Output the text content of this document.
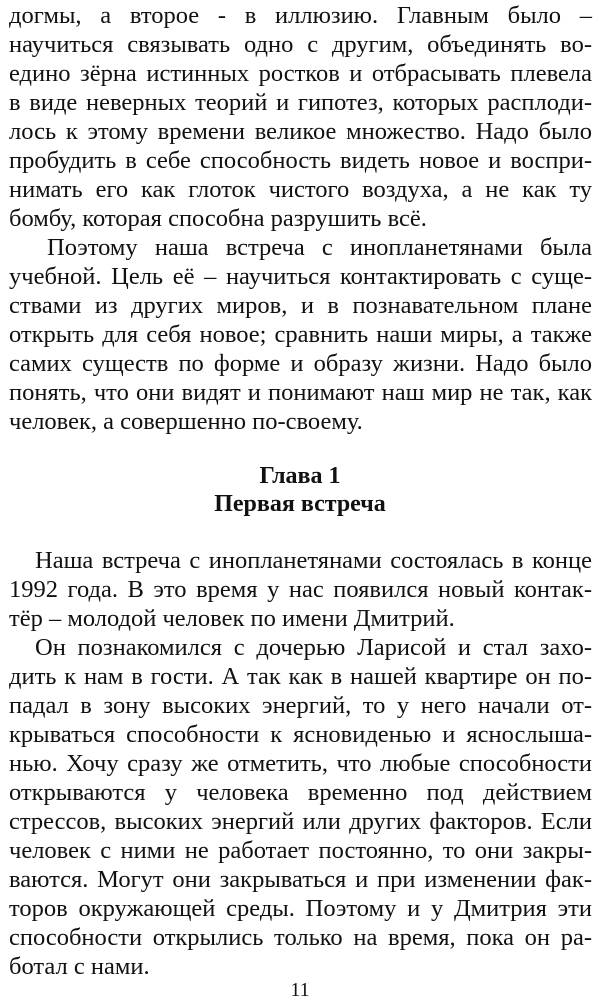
догмы, а второе - в иллюзию. Главным было –
научиться связывать одно с другим, объединять во-
едино зёрна истинных ростков и отбрасывать плевела
в виде неверных теорий и гипотез, которых расплоди-
лось к этому времени великое множество. Надо было
пробудить в себе способность видеть новое и воспри-
нимать его как глоток чистого воздуха, а не как ту
бомбу, которая способна разрушить всё.
Поэтому наша встреча с инопланетянами была
учебной. Цель её – научиться контактировать с суще-
ствами из других миров, и в познавательном плане
открыть для себя новое; сравнить наши миры, а также
самих существ по форме и образу жизни. Надо было
понять, что они видят и понимают наш мир не так, как
человек, а совершенно по-своему.
Глава 1
Первая встреча
Наша встреча с инопланетянами состоялась в конце
1992 года. В это время у нас появился новый контак-
тёр – молодой человек по имени Дмитрий.
Он познакомился с дочерью Ларисой и стал захо-
дить к нам в гости. А так как в нашей квартире он по-
падал в зону высоких энергий, то у него начали от-
крываться способности к ясновиденью и яснослыша-
нью. Хочу сразу же отметить, что любые способности
открываются у человека временно под действием
стрессов, высоких энергий или других факторов. Если
человек с ними не работает постоянно, то они закры-
ваются. Могут они закрываться и при изменении фак-
торов окружающей среды. Поэтому и у Дмитрия эти
способности открылись только на время, пока он ра-
ботал с нами.
11
